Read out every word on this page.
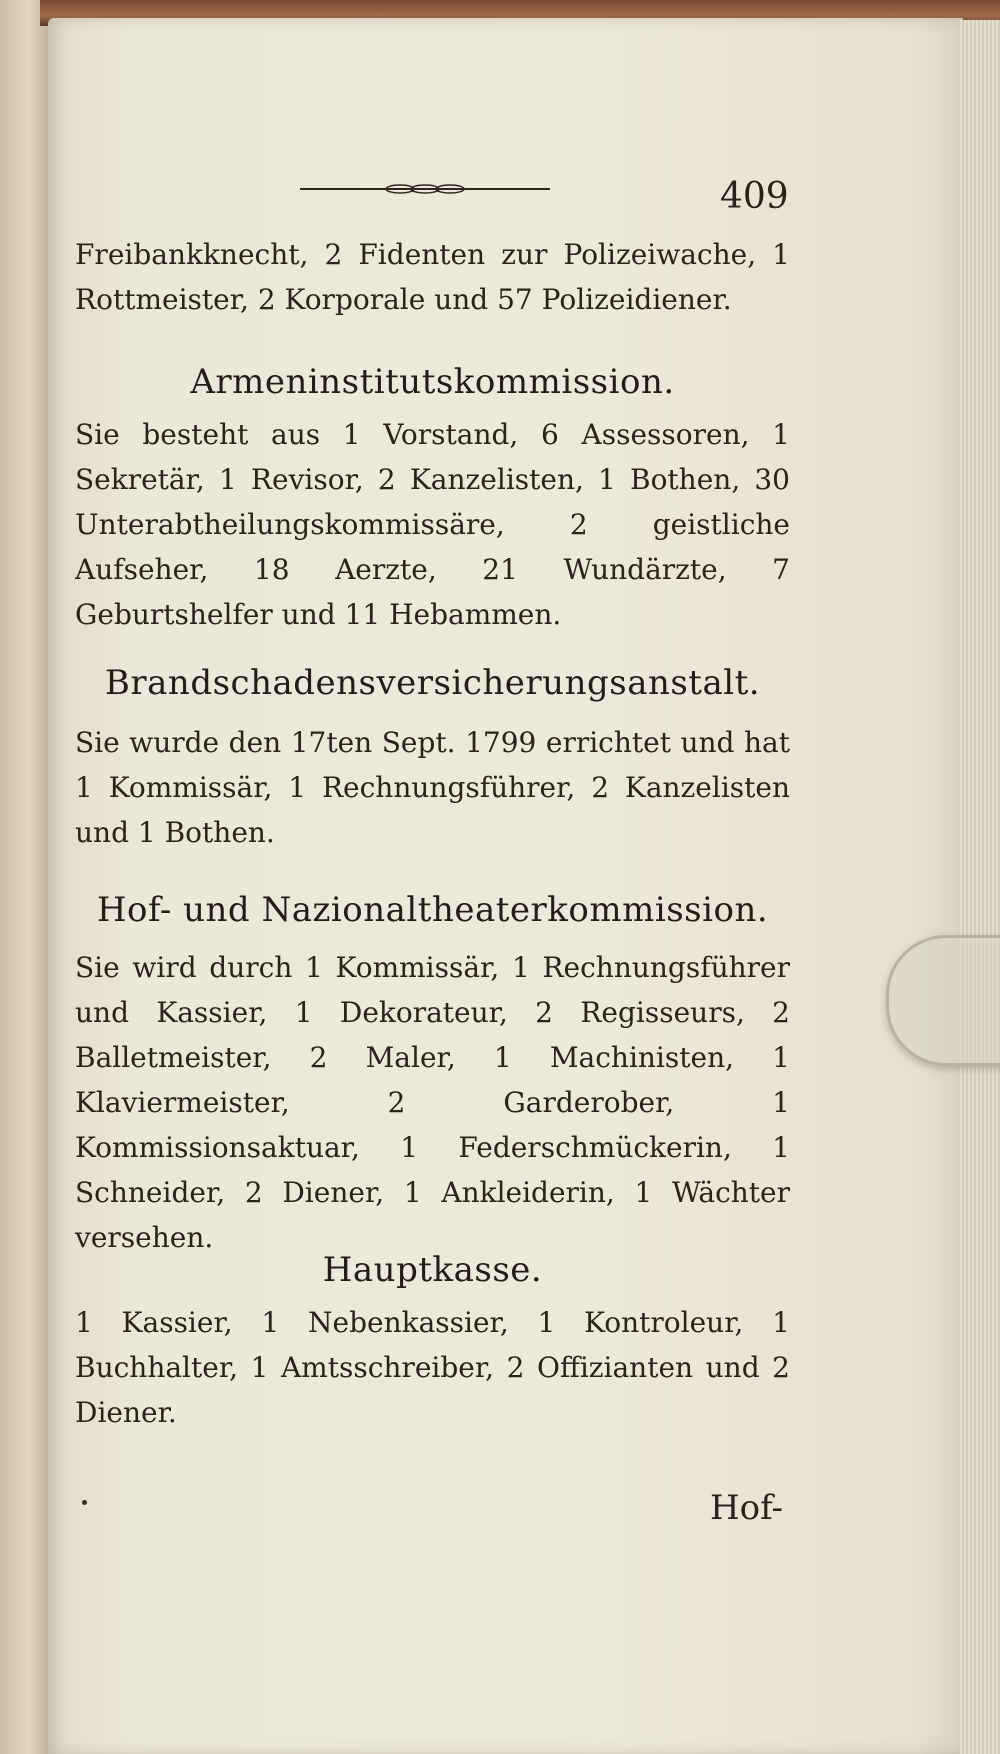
409

Freibankknecht, 2 Fidenten zur Polizeiwache, 1 Rottmeister, 2 Korporale und 57 Polizeidiener.

Armeninstitutskommission.

Sie besteht aus 1 Vorstand, 6 Assessoren, 1 Sekretär, 1 Revisor, 2 Kanzelisten, 1 Bothen, 30 Unterabtheilungskommissäre, 2 geistliche Aufseher, 18 Aerzte, 21 Wundärzte, 7 Geburtshelfer und 11 Hebammen.

Brandschadensversicherungsanstalt.

Sie wurde den 17ten Sept. 1799 errichtet und hat 1 Kommissär, 1 Rechnungsführer, 2 Kanzelisten und 1 Bothen.

Hof- und Nazionaltheaterkommission.

Sie wird durch 1 Kommissär, 1 Rechnungsführer und Kassier, 1 Dekorateur, 2 Regisseurs, 2 Balletmeister, 2 Maler, 1 Machinisten, 1 Klaviermeister, 2 Garderober, 1 Kommissionsaktuar, 1 Federschmückerin, 1 Schneider, 2 Diener, 1 Ankleiderin, 1 Wächter versehen.

Hauptkasse.

1 Kassier, 1 Nebenkassier, 1 Kontroleur, 1 Buchhalter, 1 Amtsschreiber, 2 Offizianten und 2 Diener.

Hof-
